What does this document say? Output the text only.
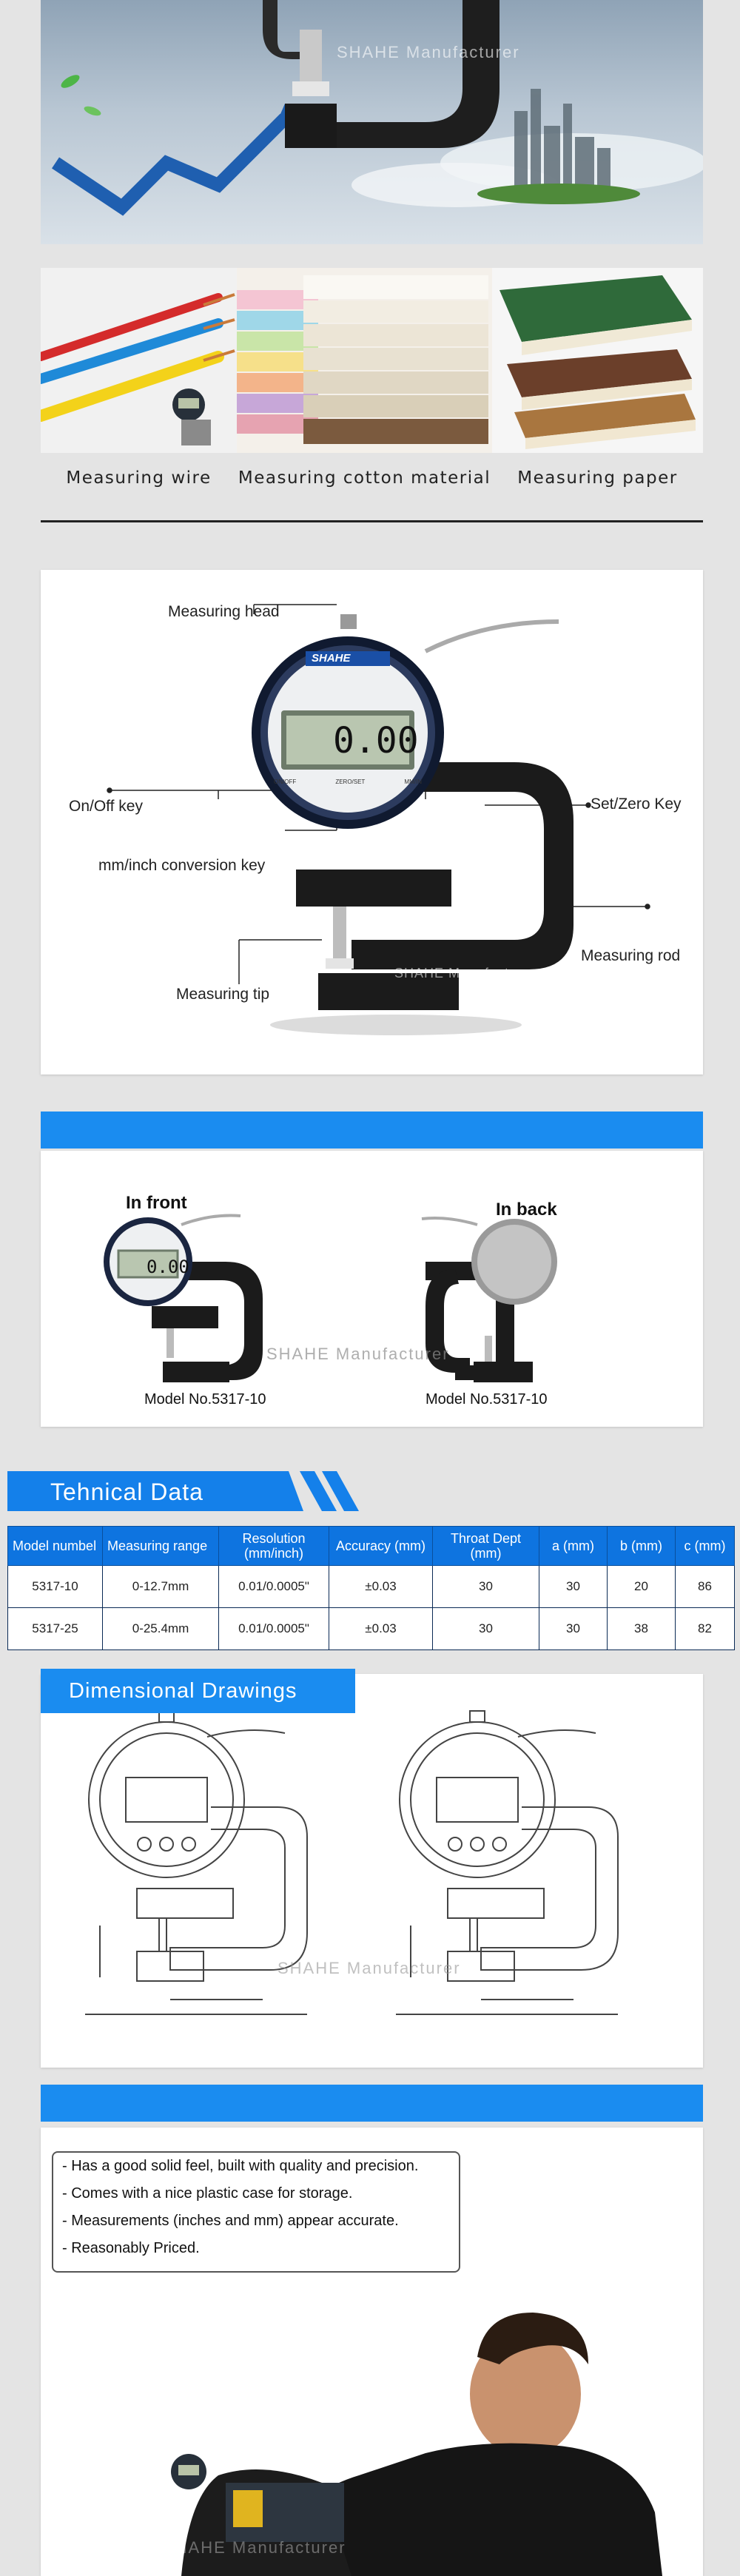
SHAHE Manufacturer
Measuring wire	Measuring cotton material	Measuring paper
SHAHE
0.00
ON/OFF	ZERO/SET	MM/IN
Measuring head
On/Off key	Set/Zero Key
mm/inch conversion key
Measuring rod
Measuring tip
SHAHE Manufacturer
In front	In back
0.00
Model No.5317-10	Model No.5317-10
SHAHE Manufacturer
Tehnical Data
Model numbel	Measuring range	Resolution (mm/inch)	Accuracy (mm)	Throat Dept (mm)	a (mm)	b (mm)	c (mm)
5317-10	0-12.7mm	0.01/0.0005"	±0.03	30	30	20	86
5317-25	0-25.4mm	0.01/0.0005"	±0.03	30	30	38	82
SHAHE Manufacturer
Dimensional Drawings
SHAHE Manufacturer
- Has a good solid feel, built with quality and precision.
- Comes with a nice plastic case for storage.
- Measurements (inches and mm) appear accurate.
- Reasonably Priced.
